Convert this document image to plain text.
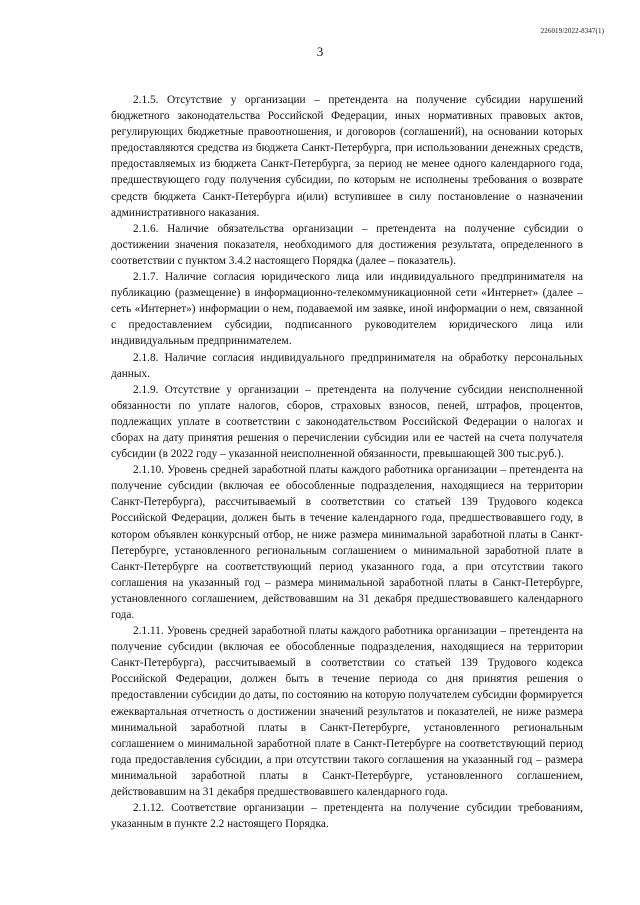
226019/2022-8347(1)
3

2.1.5. Отсутствие у организации – претендента на получение субсидии нарушений бюджетного законодательства Российской Федерации, иных нормативных правовых актов, регулирующих бюджетные правоотношения, и договоров (соглашений), на основании которых предоставляются средства из бюджета Санкт-Петербурга, при использовании денежных средств, предоставляемых из бюджета Санкт-Петербурга, за период не менее одного календарного года, предшествующего году получения субсидии, по которым не исполнены требования о возврате средств бюджета Санкт-Петербурга и(или) вступившее в силу постановление о назначении административного наказания.

2.1.6. Наличие обязательства организации – претендента на получение субсидии о достижении значения показателя, необходимого для достижения результата, определенного в соответствии с пунктом 3.4.2 настоящего Порядка (далее – показатель).

2.1.7. Наличие согласия юридического лица или индивидуального предпринимателя на публикацию (размещение) в информационно-телекоммуникационной сети «Интернет» (далее – сеть «Интернет») информации о нем, подаваемой им заявке, иной информации о нем, связанной с предоставлением субсидии, подписанного руководителем юридического лица или индивидуальным предпринимателем.

2.1.8. Наличие согласия индивидуального предпринимателя на обработку персональных данных.

2.1.9. Отсутствие у организации – претендента на получение субсидии неисполненной обязанности по уплате налогов, сборов, страховых взносов, пеней, штрафов, процентов, подлежащих уплате в соответствии с законодательством Российской Федерации о налогах и сборах на дату принятия решения о перечислении субсидии или ее частей на счета получателя субсидии (в 2022 году – указанной неисполненной обязанности, превышающей 300 тыс.руб.).

2.1.10. Уровень средней заработной платы каждого работника организации – претендента на получение субсидии (включая ее обособленные подразделения, находящиеся на территории Санкт-Петербурга), рассчитываемый в соответствии со статьей 139 Трудового кодекса Российской Федерации, должен быть в течение календарного года, предшествовавшего году, в котором объявлен конкурсный отбор, не ниже размера минимальной заработной платы в Санкт-Петербурге, установленного региональным соглашением о минимальной заработной плате в Санкт-Петербурге на соответствующий период указанного года, а при отсутствии такого соглашения на указанный год – размера минимальной заработной платы в Санкт-Петербурге, установленного соглашением, действовавшим на 31 декабря предшествовавшего календарного года.

2.1.11. Уровень средней заработной платы каждого работника организации – претендента на получение субсидии (включая ее обособленные подразделения, находящиеся на территории Санкт-Петербурга), рассчитываемый в соответствии со статьей 139 Трудового кодекса Российской Федерации, должен быть в течение периода со дня принятия решения о предоставлении субсидии до даты, по состоянию на которую получателем субсидии формируется ежеквартальная отчетность о достижении значений результатов и показателей, не ниже размера минимальной заработной платы в Санкт-Петербурге, установленного региональным соглашением о минимальной заработной плате в Санкт-Петербурге на соответствующий период года предоставления субсидии, а при отсутствии такого соглашения на указанный год – размера минимальной заработной платы в Санкт-Петербурге, установленного соглашением, действовавшим на 31 декабря предшествовавшего календарного года.

2.1.12. Соответствие организации – претендента на получение субсидии требованиям, указанным в пункте 2.2 настоящего Порядка.
